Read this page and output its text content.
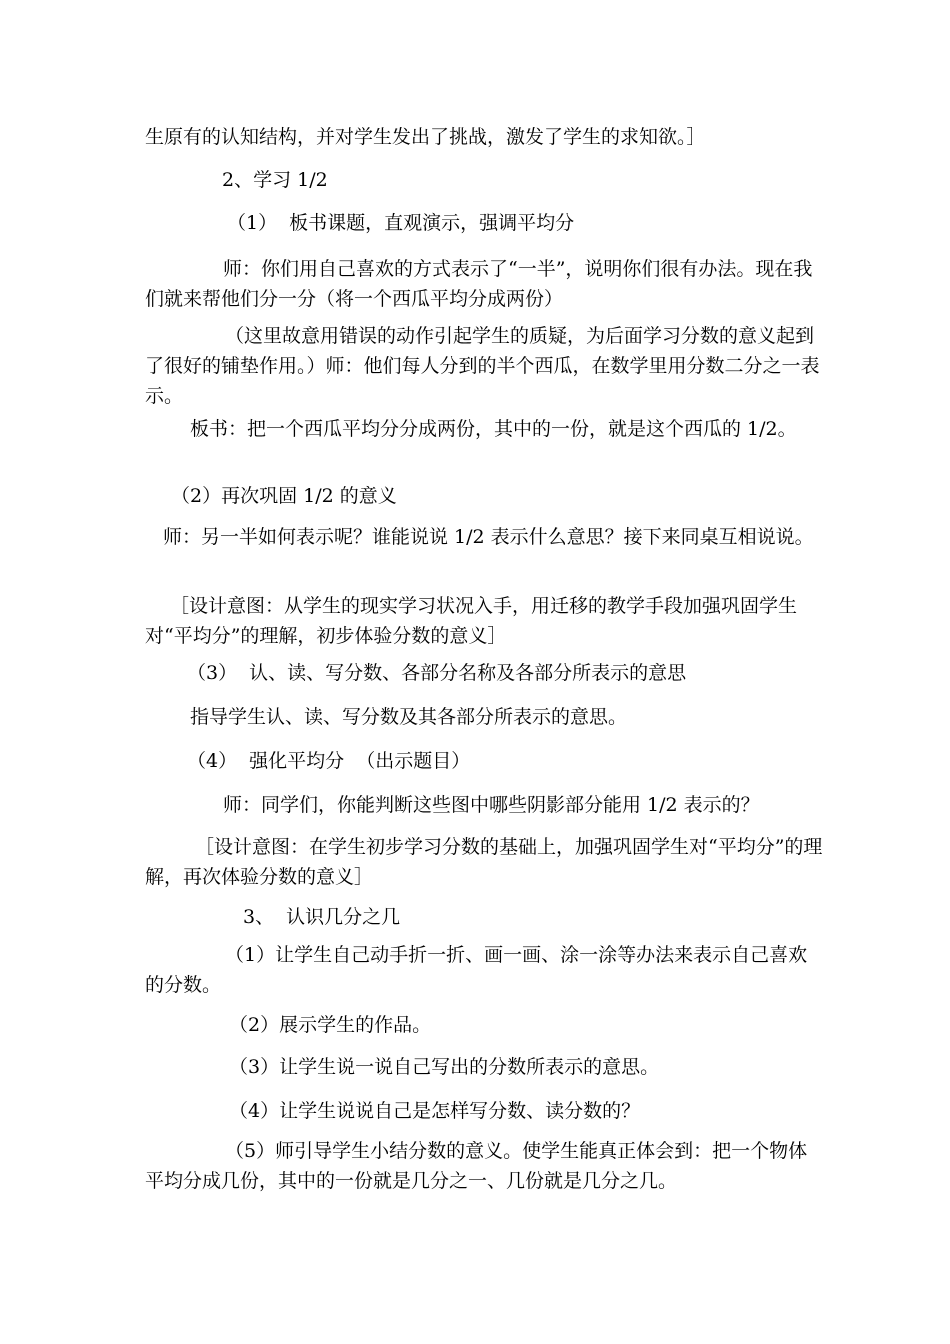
生原有的认知结构，并对学生发出了挑战，激发了学生的求知欲。］

2、学习 1/2

（1）  板书课题，直观演示，强调平均分

师：你们用自己喜欢的方式表示了“一半”，说明你们很有办法。现在我们就来帮他们分一分（将一个西瓜平均分成两份）

（这里故意用错误的动作引起学生的质疑，为后面学习分数的意义起到了很好的铺垫作用。）师：他们每人分到的半个西瓜，在数学里用分数二分之一表示。

板书：把一个西瓜平均分分成两份，其中的一份，就是这个西瓜的 1/2。

（2）再次巩固 1/2 的意义

师：另一半如何表示呢？谁能说说 1/2 表示什么意思？接下来同桌互相说说。

［设计意图：从学生的现实学习状况入手，用迁移的教学手段加强巩固学生对“平均分”的理解，初步体验分数的意义］

（3）  认、读、写分数、各部分名称及各部分所表示的意思

指导学生认、读、写分数及其各部分所表示的意思。

（4）  强化平均分  （出示题目）

师：同学们，你能判断这些图中哪些阴影部分能用 1/2 表示的？

［设计意图：在学生初步学习分数的基础上，加强巩固学生对“平均分”的理解，再次体验分数的意义］

3、  认识几分之几

（1）让学生自己动手折一折、画一画、涂一涂等办法来表示自己喜欢的分数。

（2）展示学生的作品。

（3）让学生说一说自己写出的分数所表示的意思。

（4）让学生说说自己是怎样写分数、读分数的？

（5）师引导学生小结分数的意义。使学生能真正体会到：把一个物体平均分成几份，其中的一份就是几分之一、几份就是几分之几。
